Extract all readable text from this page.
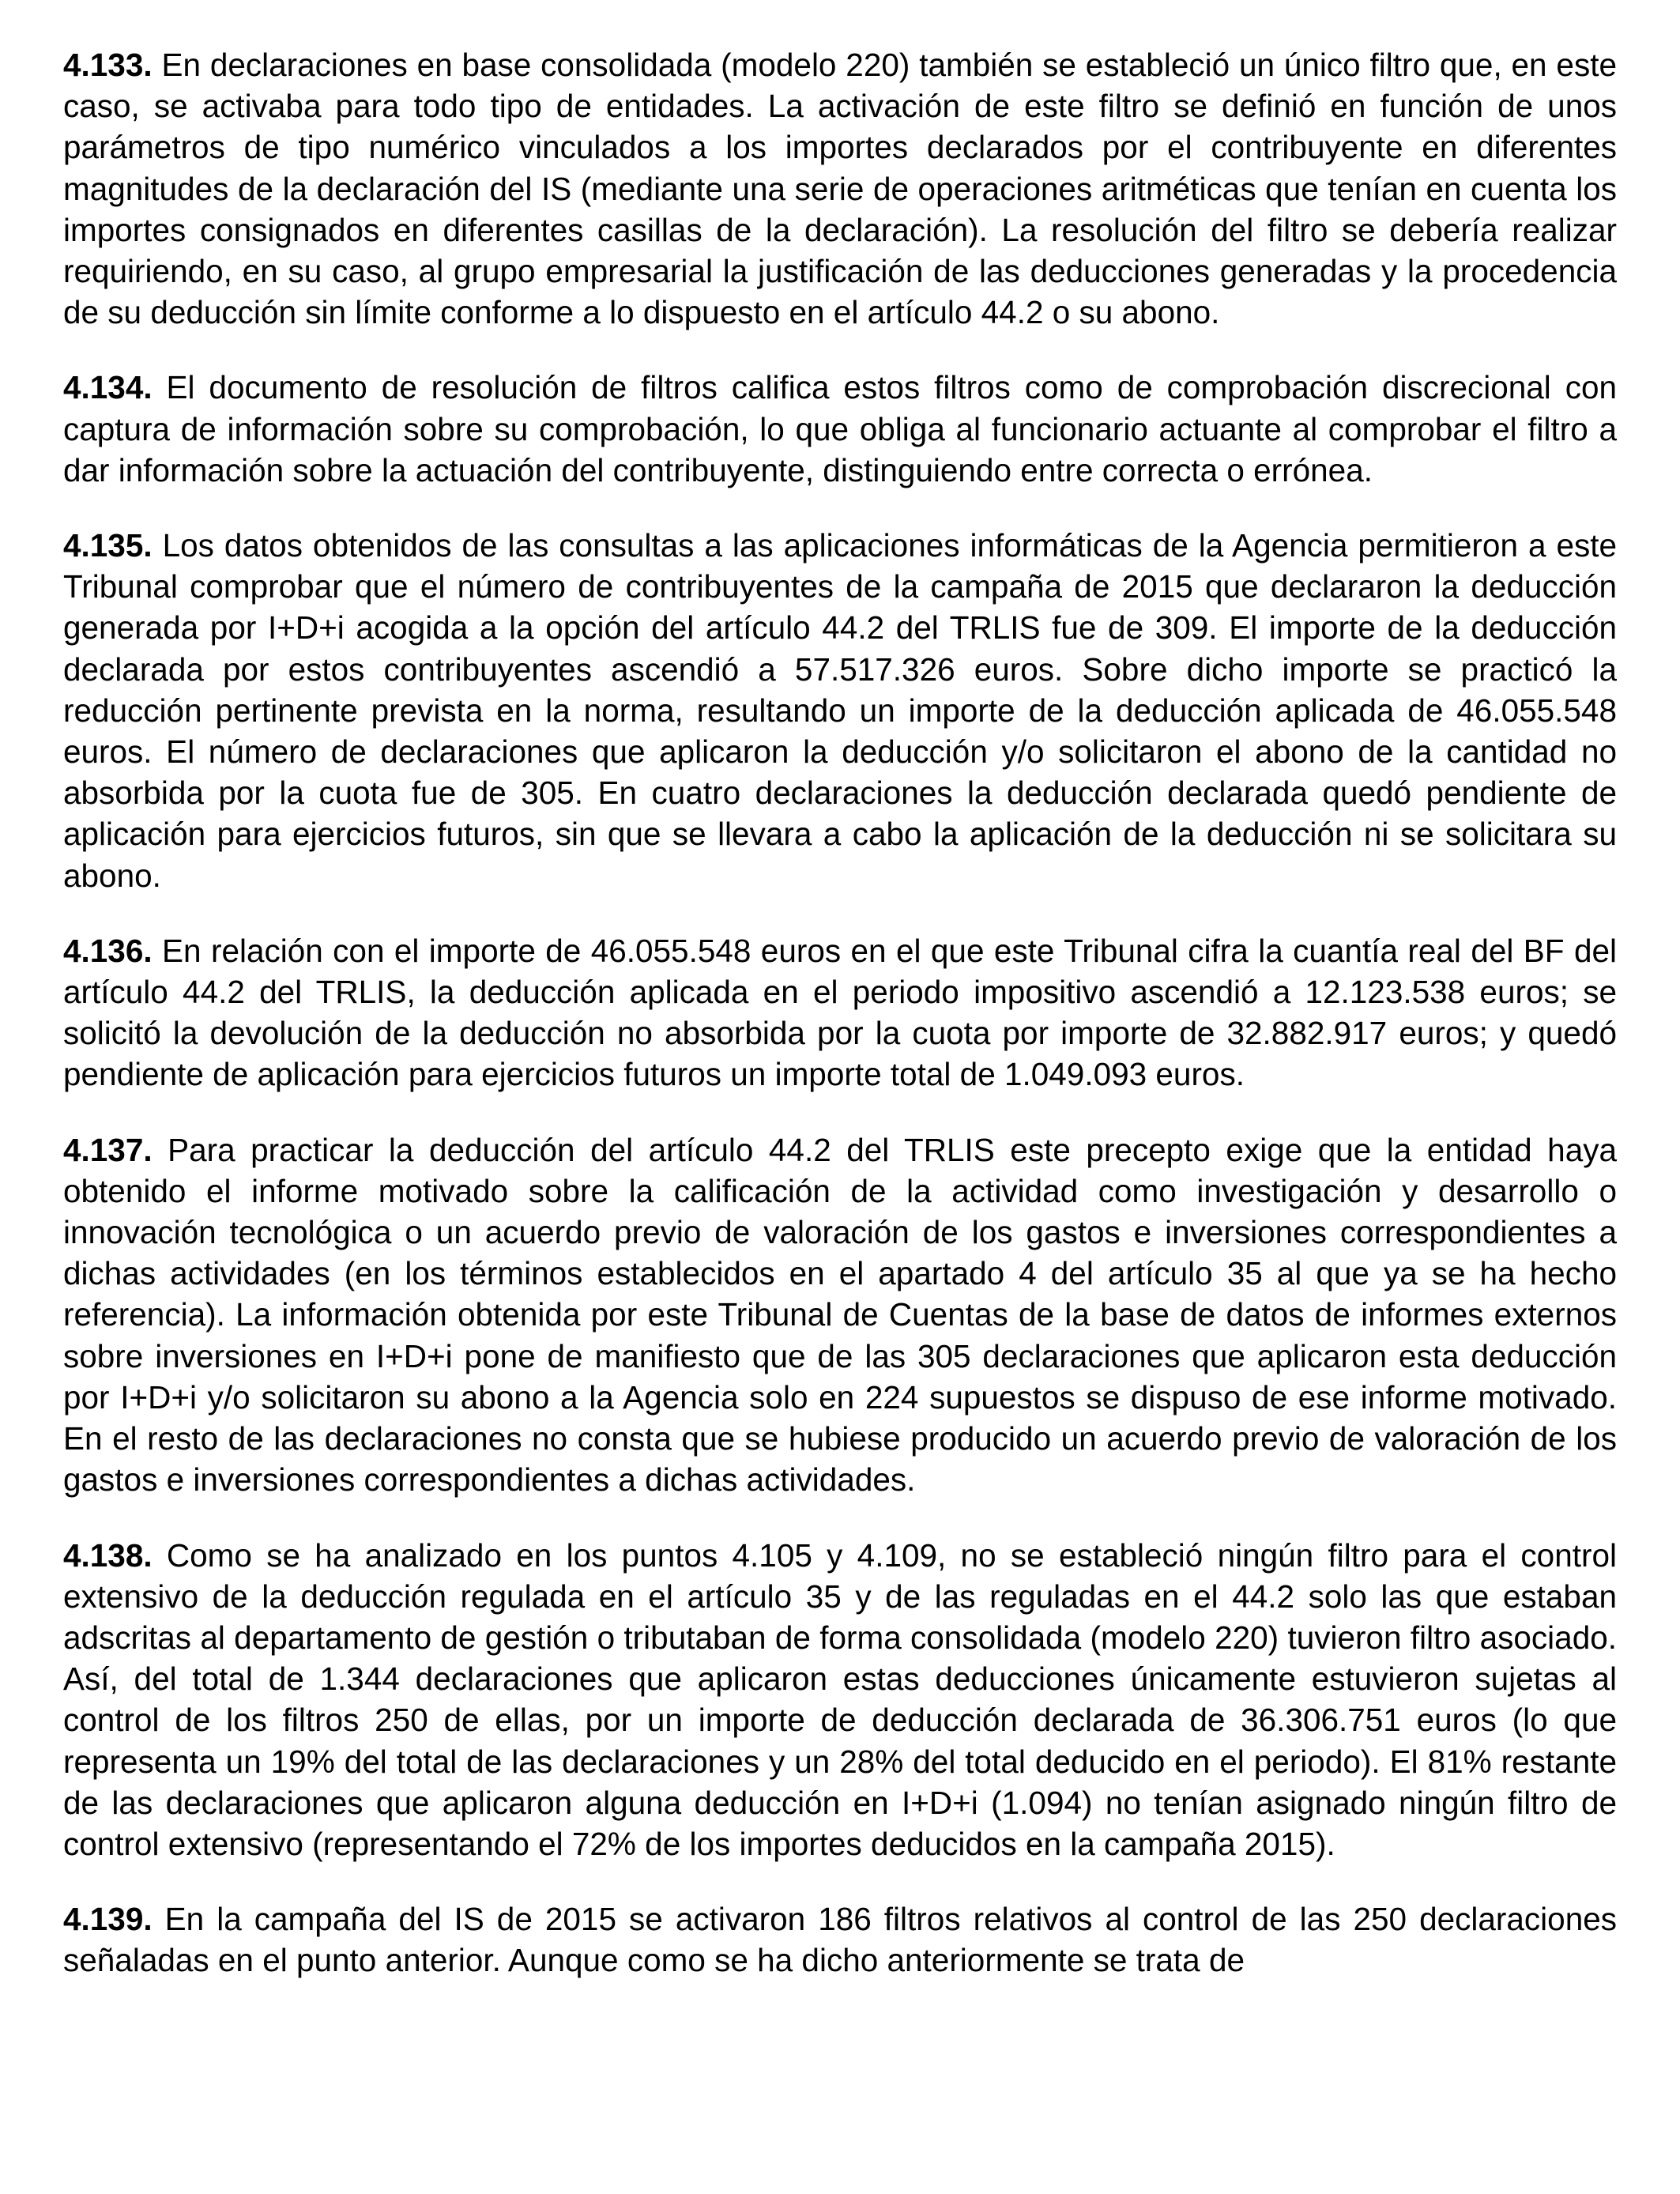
4.133. En declaraciones en base consolidada (modelo 220) también se estableció un único filtro que, en este caso, se activaba para todo tipo de entidades. La activación de este filtro se definió en función de unos parámetros de tipo numérico vinculados a los importes declarados por el contribuyente en diferentes magnitudes de la declaración del IS (mediante una serie de operaciones aritméticas que tenían en cuenta los importes consignados en diferentes casillas de la declaración). La resolución del filtro se debería realizar requiriendo, en su caso, al grupo empresarial la justificación de las deducciones generadas y la procedencia de su deducción sin límite conforme a lo dispuesto en el artículo 44.2 o su abono.

4.134. El documento de resolución de filtros califica estos filtros como de comprobación discrecional con captura de información sobre su comprobación, lo que obliga al funcionario actuante al comprobar el filtro a dar información sobre la actuación del contribuyente, distinguiendo entre correcta o errónea.

4.135. Los datos obtenidos de las consultas a las aplicaciones informáticas de la Agencia permitieron a este Tribunal comprobar que el número de contribuyentes de la campaña de 2015 que declararon la deducción generada por I+D+i acogida a la opción del artículo 44.2 del TRLIS fue de 309. El importe de la deducción declarada por estos contribuyentes ascendió a 57.517.326 euros. Sobre dicho importe se practicó la reducción pertinente prevista en la norma, resultando un importe de la deducción aplicada de 46.055.548 euros. El número de declaraciones que aplicaron la deducción y/o solicitaron el abono de la cantidad no absorbida por la cuota fue de 305. En cuatro declaraciones la deducción declarada quedó pendiente de aplicación para ejercicios futuros, sin que se llevara a cabo la aplicación de la deducción ni se solicitara su abono.

4.136. En relación con el importe de 46.055.548 euros en el que este Tribunal cifra la cuantía real del BF del artículo 44.2 del TRLIS, la deducción aplicada en el periodo impositivo ascendió a 12.123.538 euros; se solicitó la devolución de la deducción no absorbida por la cuota por importe de 32.882.917 euros; y quedó pendiente de aplicación para ejercicios futuros un importe total de 1.049.093 euros.

4.137. Para practicar la deducción del artículo 44.2 del TRLIS este precepto exige que la entidad haya obtenido el informe motivado sobre la calificación de la actividad como investigación y desarrollo o innovación tecnológica o un acuerdo previo de valoración de los gastos e inversiones correspondientes a dichas actividades (en los términos establecidos en el apartado 4 del artículo 35 al que ya se ha hecho referencia). La información obtenida por este Tribunal de Cuentas de la base de datos de informes externos sobre inversiones en I+D+i pone de manifiesto que de las 305 declaraciones que aplicaron esta deducción por I+D+i y/o solicitaron su abono a la Agencia solo en 224 supuestos se dispuso de ese informe motivado. En el resto de las declaraciones no consta que se hubiese producido un acuerdo previo de valoración de los gastos e inversiones correspondientes a dichas actividades.

4.138. Como se ha analizado en los puntos 4.105 y 4.109, no se estableció ningún filtro para el control extensivo de la deducción regulada en el artículo 35 y de las reguladas en el 44.2 solo las que estaban adscritas al departamento de gestión o tributaban de forma consolidada (modelo 220) tuvieron filtro asociado. Así, del total de 1.344 declaraciones que aplicaron estas deducciones únicamente estuvieron sujetas al control de los filtros 250 de ellas, por un importe de deducción declarada de 36.306.751 euros (lo que representa un 19% del total de las declaraciones y un 28% del total deducido en el periodo). El 81% restante de las declaraciones que aplicaron alguna deducción en I+D+i (1.094) no tenían asignado ningún filtro de control extensivo (representando el 72% de los importes deducidos en la campaña 2015).

4.139. En la campaña del IS de 2015 se activaron 186 filtros relativos al control de las 250 declaraciones señaladas en el punto anterior. Aunque como se ha dicho anteriormente se trata de
